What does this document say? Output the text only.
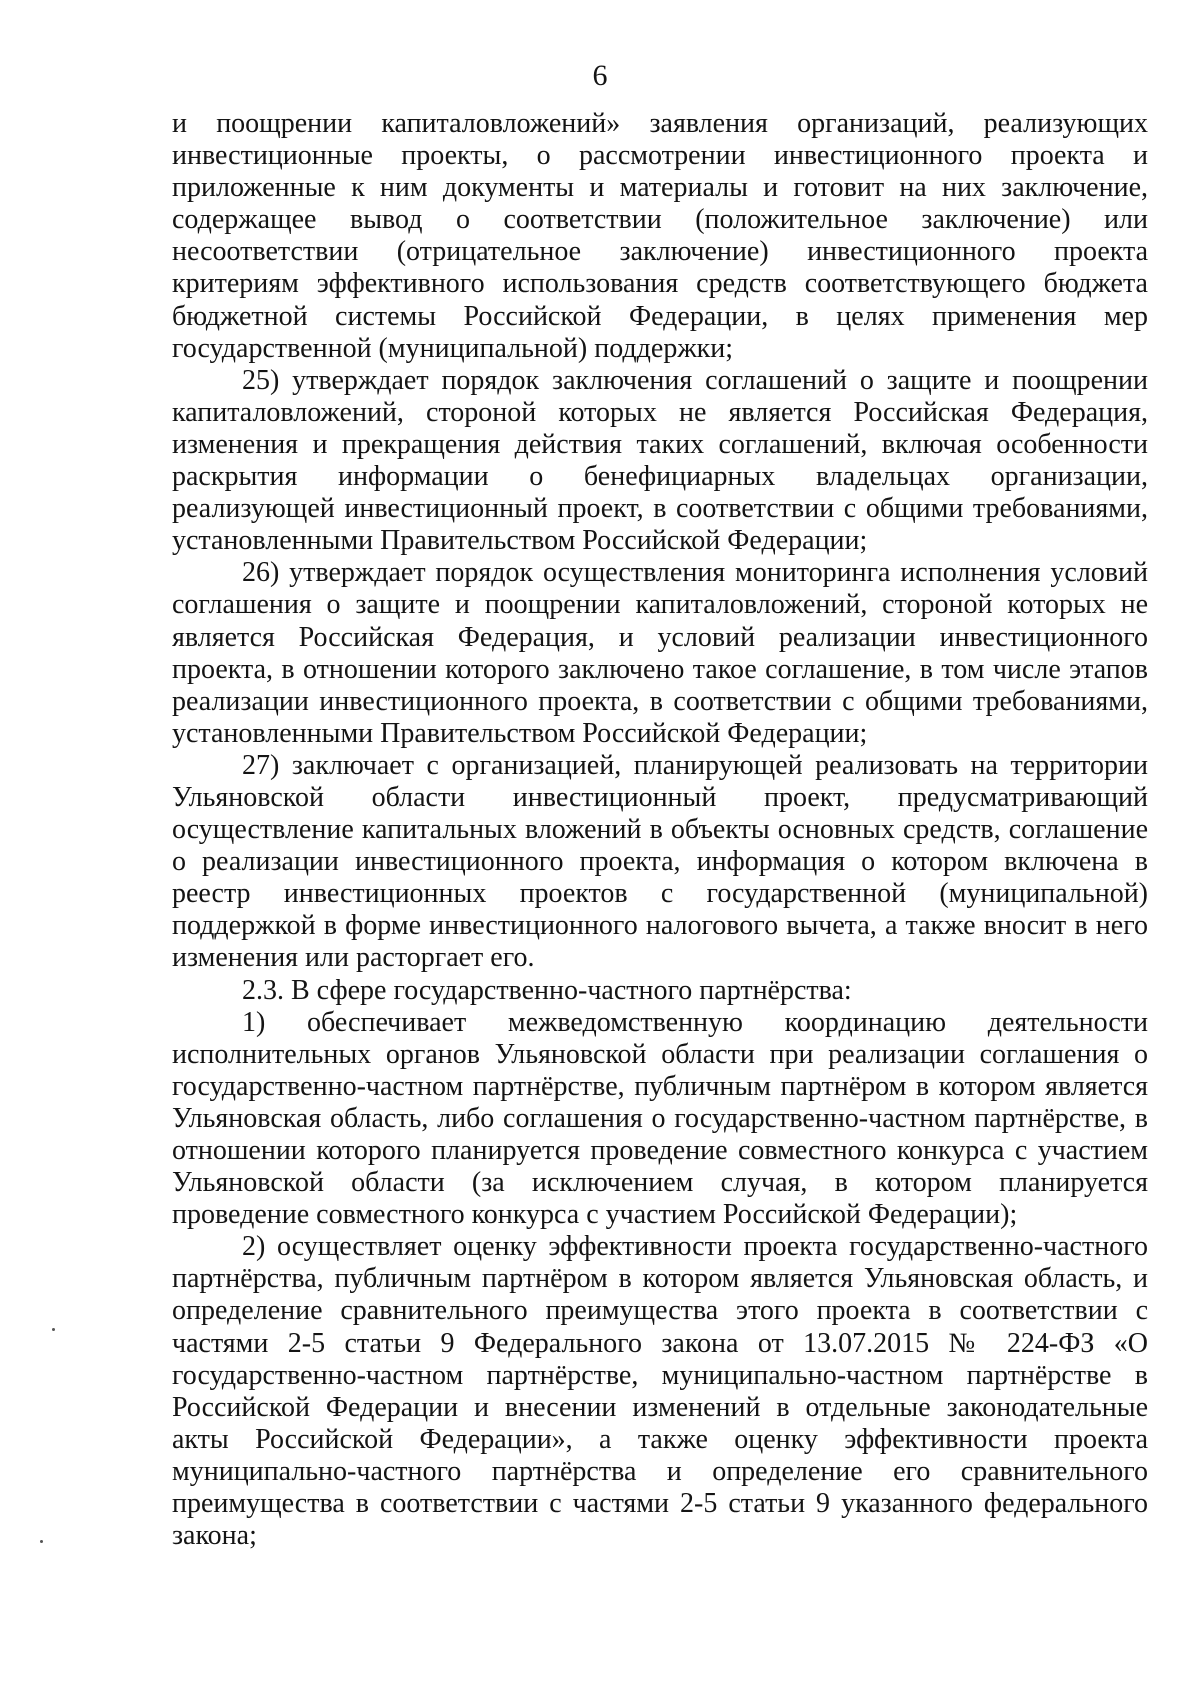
6

и поощрении капиталовложений» заявления организаций, реализующих инвестиционные проекты, о рассмотрении инвестиционного проекта и приложенные к ним документы и материалы и готовит на них заключение, содержащее вывод о соответствии (положительное заключение) или несоответствии (отрицательное заключение) инвестиционного проекта критериям эффективного использования средств соответствующего бюджета бюджетной системы Российской Федерации, в целях применения мер государственной (муниципальной) поддержки;

25) утверждает порядок заключения соглашений о защите и поощрении капиталовложений, стороной которых не является Российская Федерация, изменения и прекращения действия таких соглашений, включая особенности раскрытия информации о бенефициарных владельцах организации, реализующей инвестиционный проект, в соответствии с общими требованиями, установленными Правительством Российской Федерации;

26) утверждает порядок осуществления мониторинга исполнения условий соглашения о защите и поощрении капиталовложений, стороной которых не является Российская Федерация, и условий реализации инвестиционного проекта, в отношении которого заключено такое соглашение, в том числе этапов реализации инвестиционного проекта, в соответствии с общими требованиями, установленными Правительством Российской Федерации;

27) заключает с организацией, планирующей реализовать на территории Ульяновской области инвестиционный проект, предусматривающий осуществление капитальных вложений в объекты основных средств, соглашение о реализации инвестиционного проекта, информация о котором включена в реестр инвестиционных проектов с государственной (муниципальной) поддержкой в форме инвестиционного налогового вычета, а также вносит в него изменения или расторгает его.

2.3. В сфере государственно-частного партнёрства:

1) обеспечивает межведомственную координацию деятельности исполнительных органов Ульяновской области при реализации соглашения о государственно-частном партнёрстве, публичным партнёром в котором является Ульяновская область, либо соглашения о государственно-частном партнёрстве, в отношении которого планируется проведение совместного конкурса с участием Ульяновской области (за исключением случая, в котором планируется проведение совместного конкурса с участием Российской Федерации);

2) осуществляет оценку эффективности проекта государственно-частного партнёрства, публичным партнёром в котором является Ульяновская область, и определение сравнительного преимущества этого проекта в соответствии с частями 2-5 статьи 9 Федерального закона от 13.07.2015 № 224-ФЗ «О государственно-частном партнёрстве, муниципально-частном партнёрстве в Российской Федерации и внесении изменений в отдельные законодательные акты Российской Федерации», а также оценку эффективности проекта муниципально-частного партнёрства и определение его сравнительного преимущества в соответствии с частями 2-5 статьи 9 указанного федерального закона;
